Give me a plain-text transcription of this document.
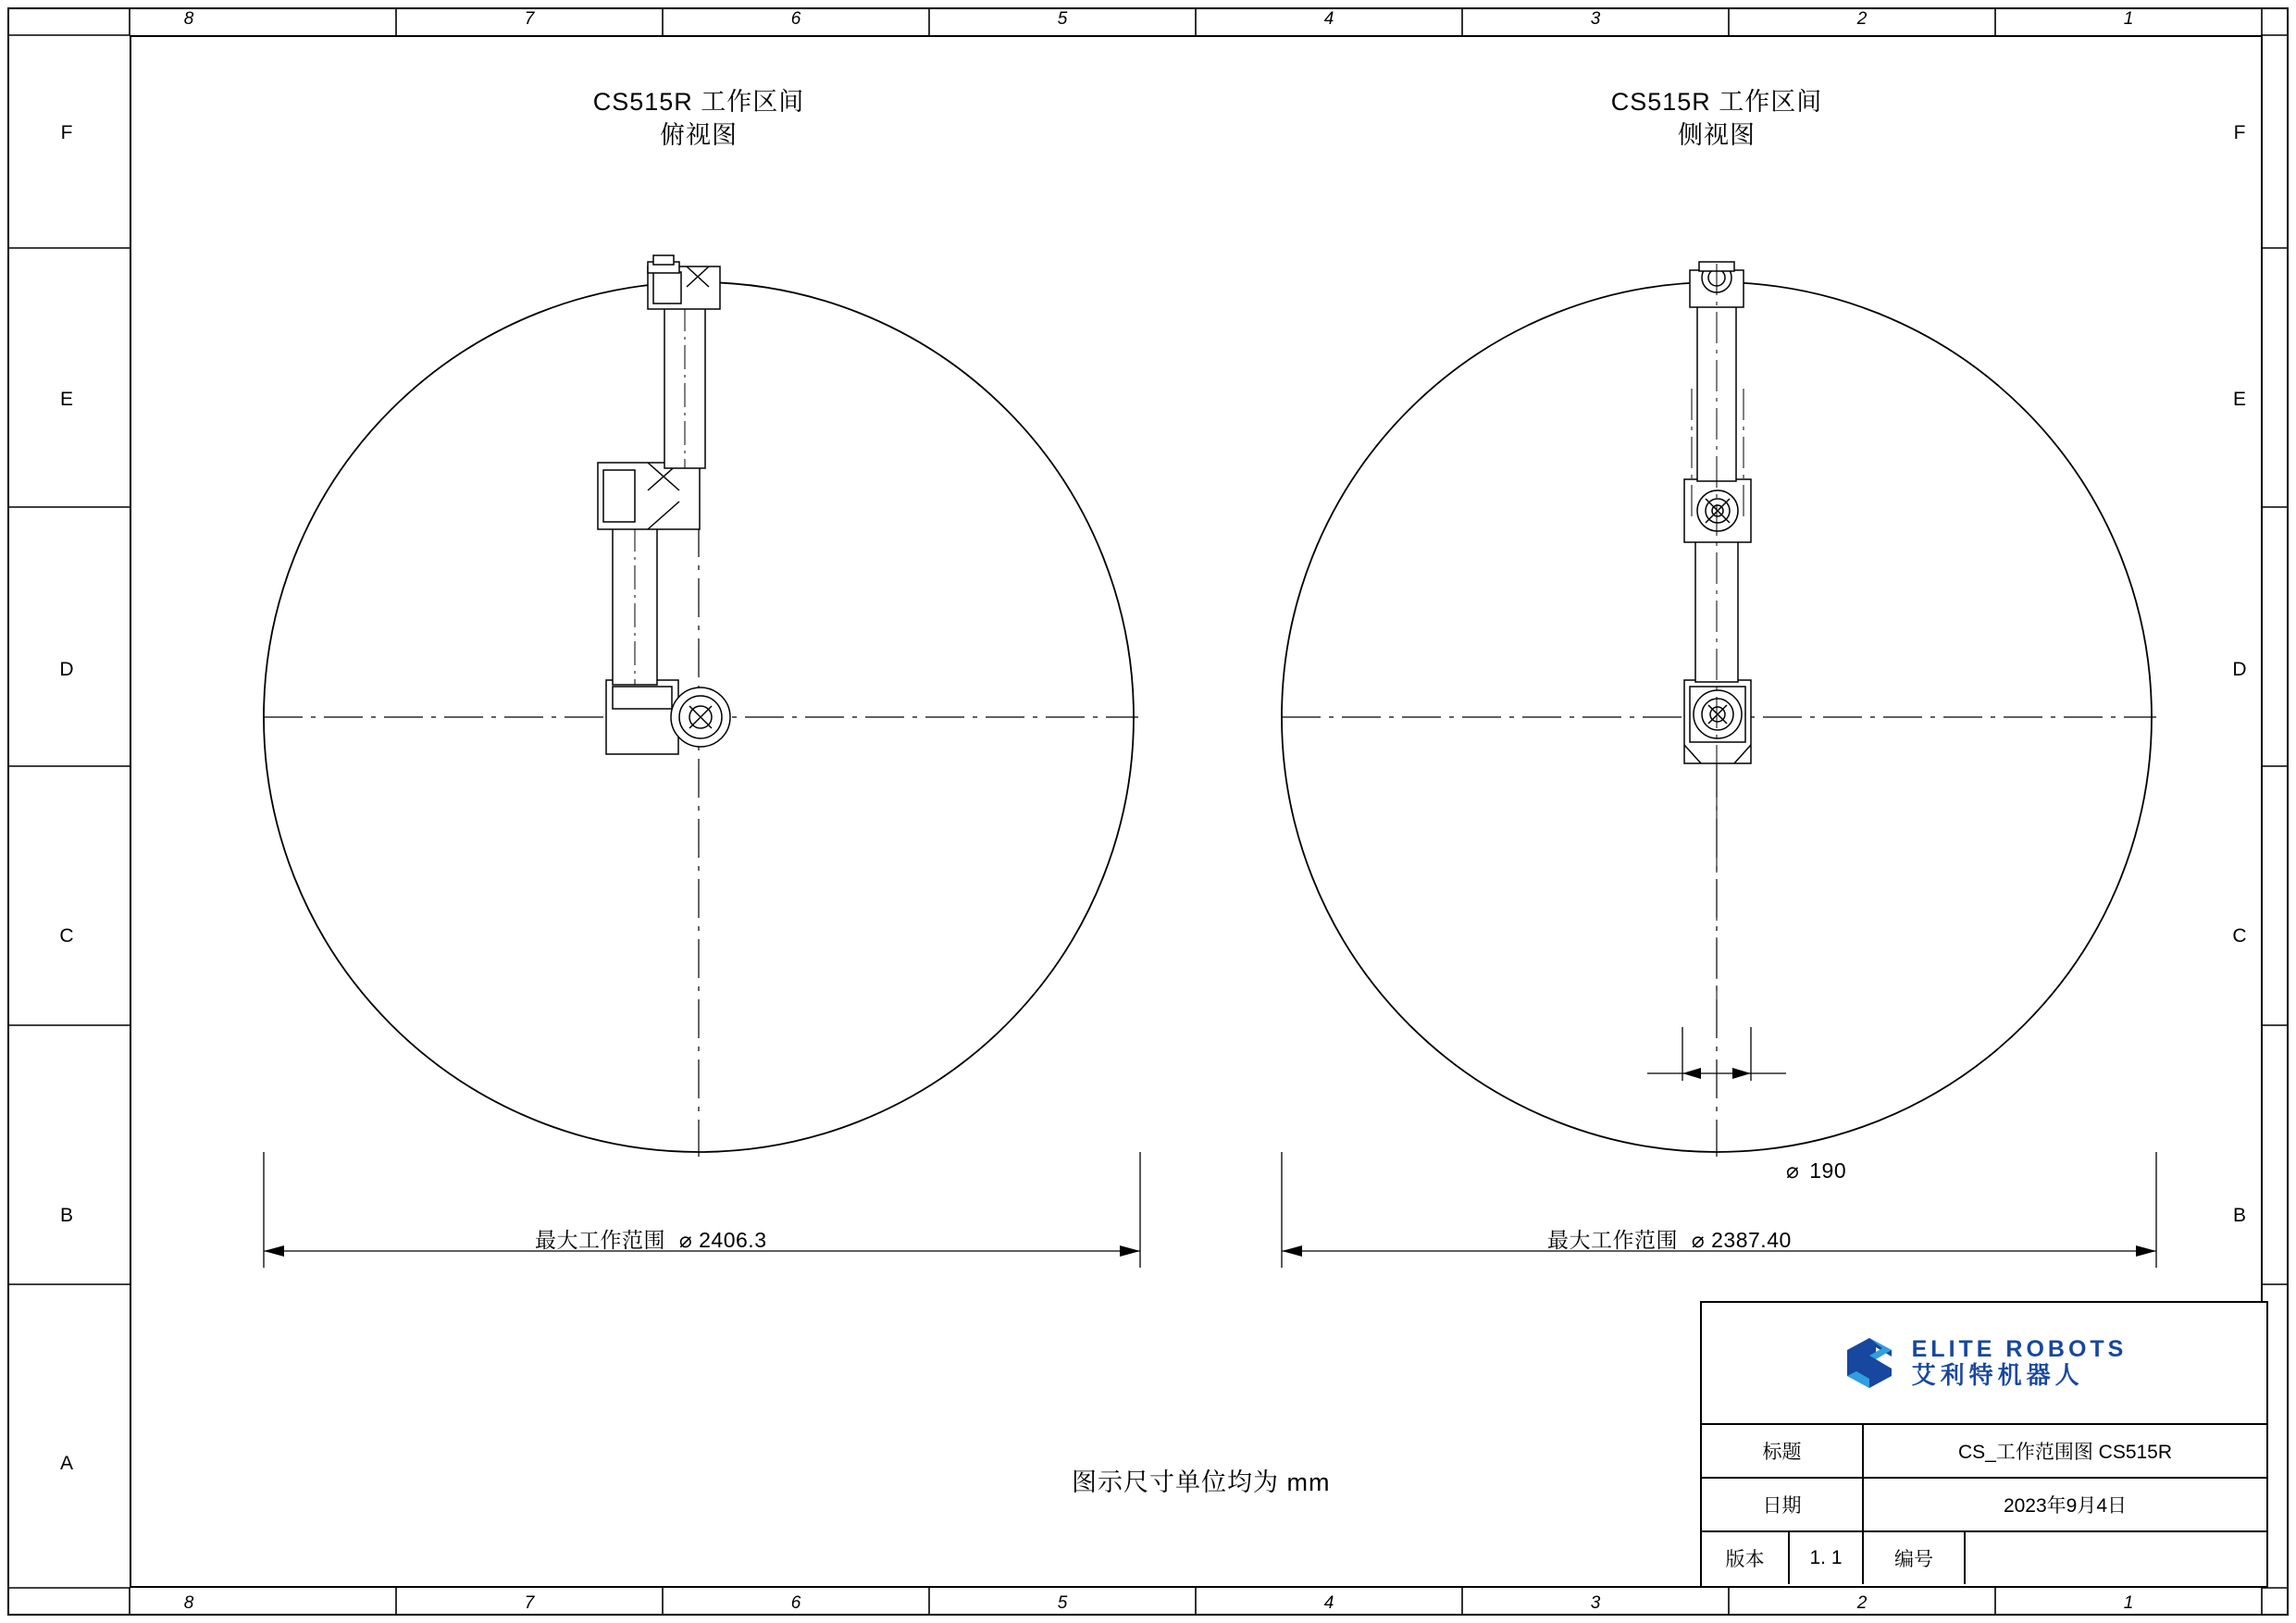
8	7	6	5	4	3	2	1
8	7	6	5	4	3	2	1
F
E
D
C
B
A
F
E
D
C
B
CS515R 工作区间
俯视图
CS515R 工作区间
侧视图
最大工作范围 ⌀ 2406.3	最大工作范围 ⌀ 2387.40
⌀ 190
图示尺寸单位均为 mm
ELITE ROBOTS
艾利特机器人
标题	CS_工作范围图 CS515R
日期	2023年9月4日
版本	1. 1	编号
